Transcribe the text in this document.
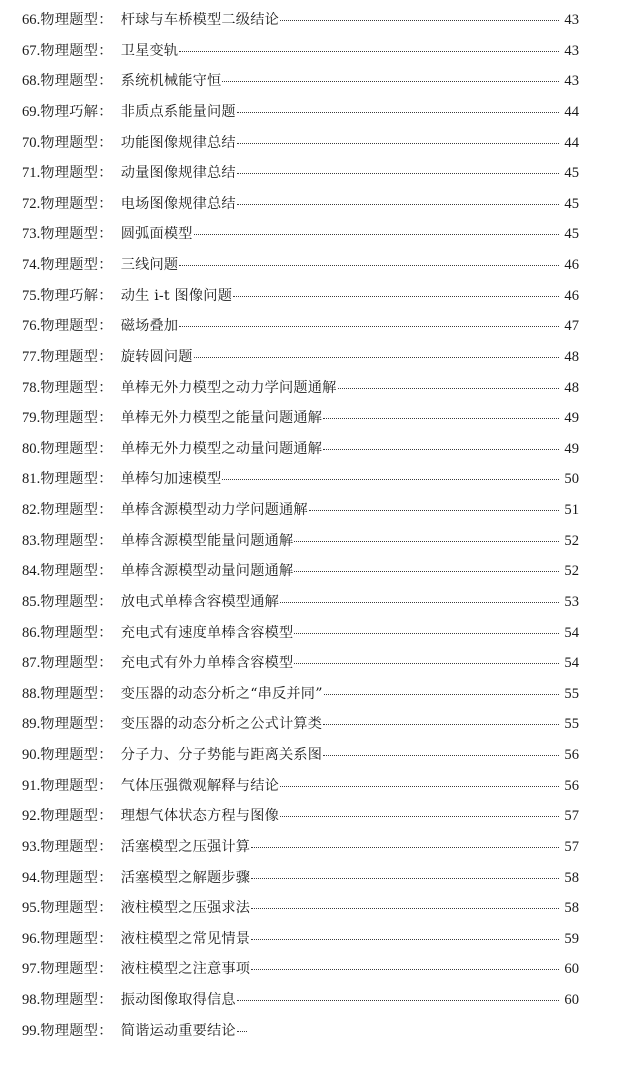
66. 物理题型： 杆球与车桥模型二级结论	43
67. 物理题型： 卫星变轨	43
68. 物理题型： 系统机械能守恒	43
69. 物理巧解： 非质点系能量问题	44
70. 物理题型： 功能图像规律总结	44
71. 物理题型： 动量图像规律总结	45
72. 物理题型： 电场图像规律总结	45
73. 物理题型： 圆弧面模型	45
74. 物理题型： 三线问题	46
75. 物理巧解： 动生 i-t 图像问题	46
76. 物理题型： 磁场叠加	47
77. 物理题型： 旋转圆问题	48
78. 物理题型： 单棒无外力模型之动力学问题通解	48
79. 物理题型： 单棒无外力模型之能量问题通解	49
80. 物理题型： 单棒无外力模型之动量问题通解	49
81. 物理题型： 单棒匀加速模型	50
82. 物理题型： 单棒含源模型动力学问题通解	51
83. 物理题型： 单棒含源模型能量问题通解	52
84. 物理题型： 单棒含源模型动量问题通解	52
85. 物理题型： 放电式单棒含容模型通解	53
86. 物理题型： 充电式有速度单棒含容模型	54
87. 物理题型： 充电式有外力单棒含容模型	54
88. 物理题型： 变压器的动态分析之“串反并同”	55
89. 物理题型： 变压器的动态分析之公式计算类	55
90. 物理题型： 分子力、分子势能与距离关系图	56
91. 物理题型： 气体压强微观解释与结论	56
92. 物理题型： 理想气体状态方程与图像	57
93. 物理题型： 活塞模型之压强计算	57
94. 物理题型： 活塞模型之解题步骤	58
95. 物理题型： 液柱模型之压强求法	58
96. 物理题型： 液柱模型之常见情景	59
97. 物理题型： 液柱模型之注意事项	60
98. 物理题型： 振动图像取得信息	60
99. 物理题型： 简谐运动重要结论
